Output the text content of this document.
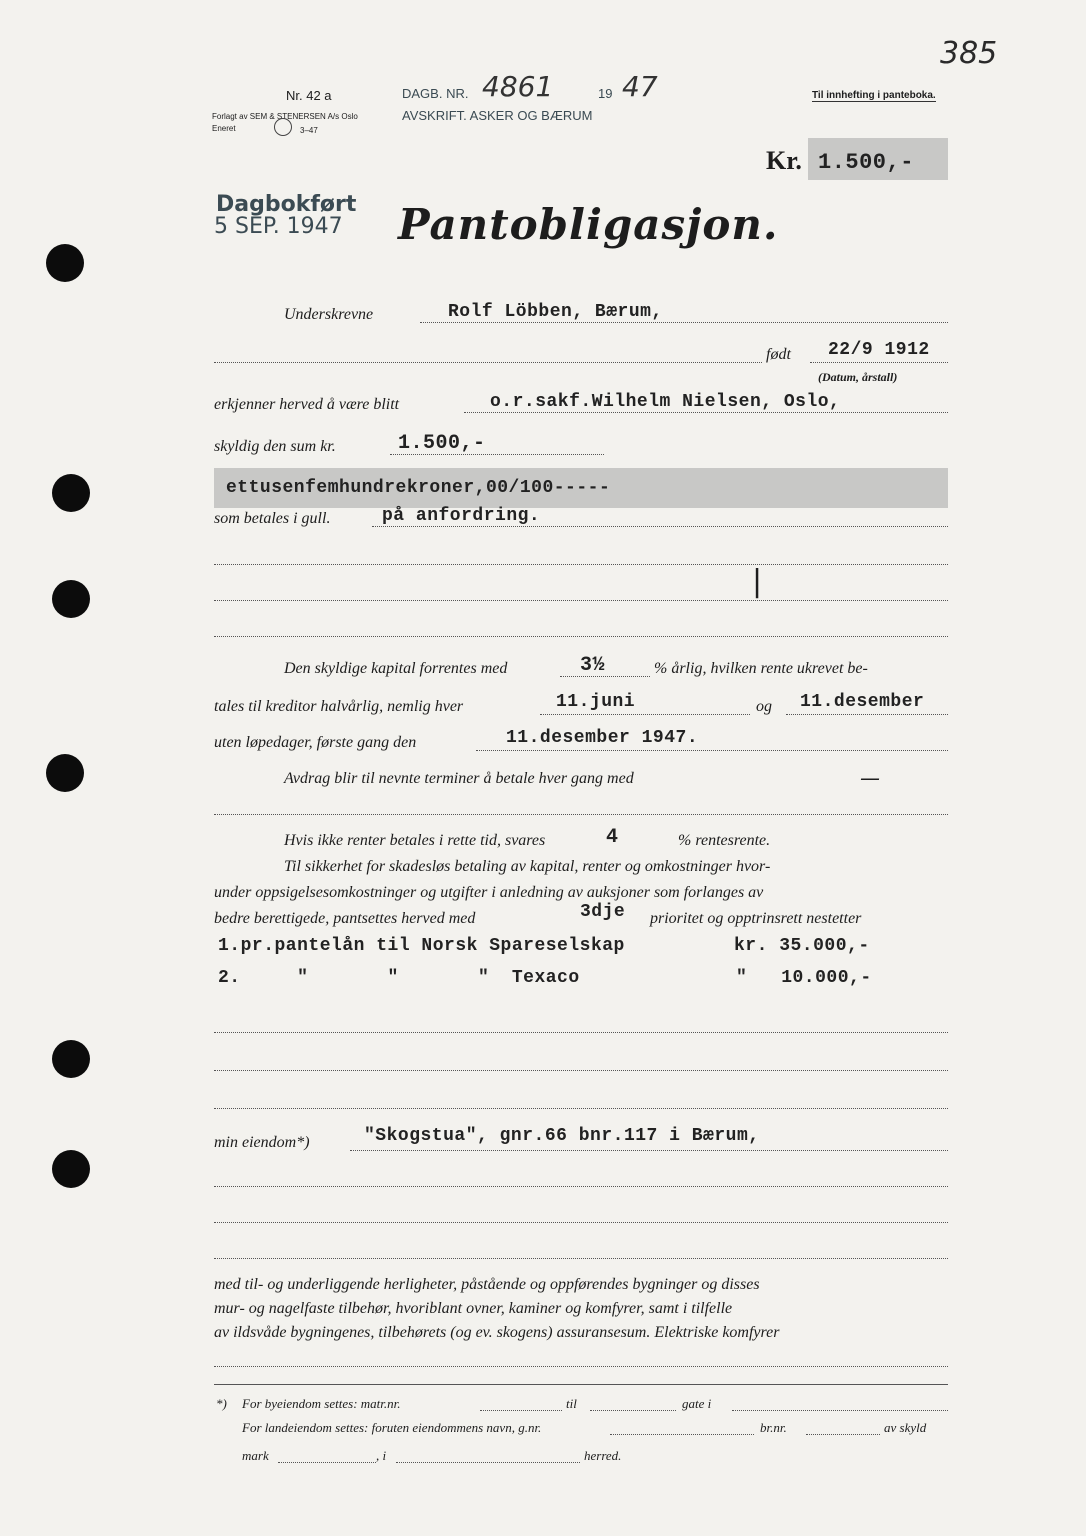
385
Nr. 42 a
Forlagt av SEM & STENERSEN A/s Oslo
Eneret	3–47
DAGB. NR. 4861	19 47
AVSKRIFT. ASKER OG BÆRUM
Til innhefting i panteboka.
Kr. 1.500,-
Dagbokført
5 SEP. 1947 Pantobligasjon.
Underskrevne	Rolf Löbben, Bærum,
født 22/9 1912
(Datum, årstall)
erkjenner herved å være blitt	o.r.sakf.Wilhelm Nielsen, Oslo,
skyldig den sum kr.	1.500,-
ettusenfemhundrekroner,00/100-----
som betales i gull.	på anfordring.
|
Den skyldige kapital forrentes med	3½	% årlig, hvilken rente ukrevet be-
tales til kreditor halvårlig, nemlig hver	11.juni	og 11.desember
uten løpedager, første gang den	11.desember 1947.
Avdrag blir til nevnte terminer å betale hver gang med	—
Hvis ikke renter betales i rette tid, svares	4	% rentesrente.
Til sikkerhet for skadesløs betaling av kapital, renter og omkostninger hvor-
under oppsigelsesomkostninger og utgifter i anledning av auksjoner som forlanges av
bedre berettigede, pantsettes herved med	3dje prioritet og opptrinsrett nestetter
1.pr.pantelån til Norsk Spareselskap	kr. 35.000,-
2.     "       "       "  Texaco	"   10.000,-
min eiendom*)	"Skogstua", gnr.66 bnr.117 i Bærum,
med til- og underliggende herligheter, påstående og oppførendes bygninger og disses
mur- og nagelfaste tilbehør, hvoriblant ovner, kaminer og komfyrer, samt i tilfelle
av ildsvåde bygningenes, tilbehørets (og ev. skogens) assuransesum. Elektriske komfyrer
*) For byeiendom settes: matr.nr.	til	gate i
For landeiendom settes: foruten eiendommens navn, g.nr.	br.nr.	av skyld
mark	, i	herred.
